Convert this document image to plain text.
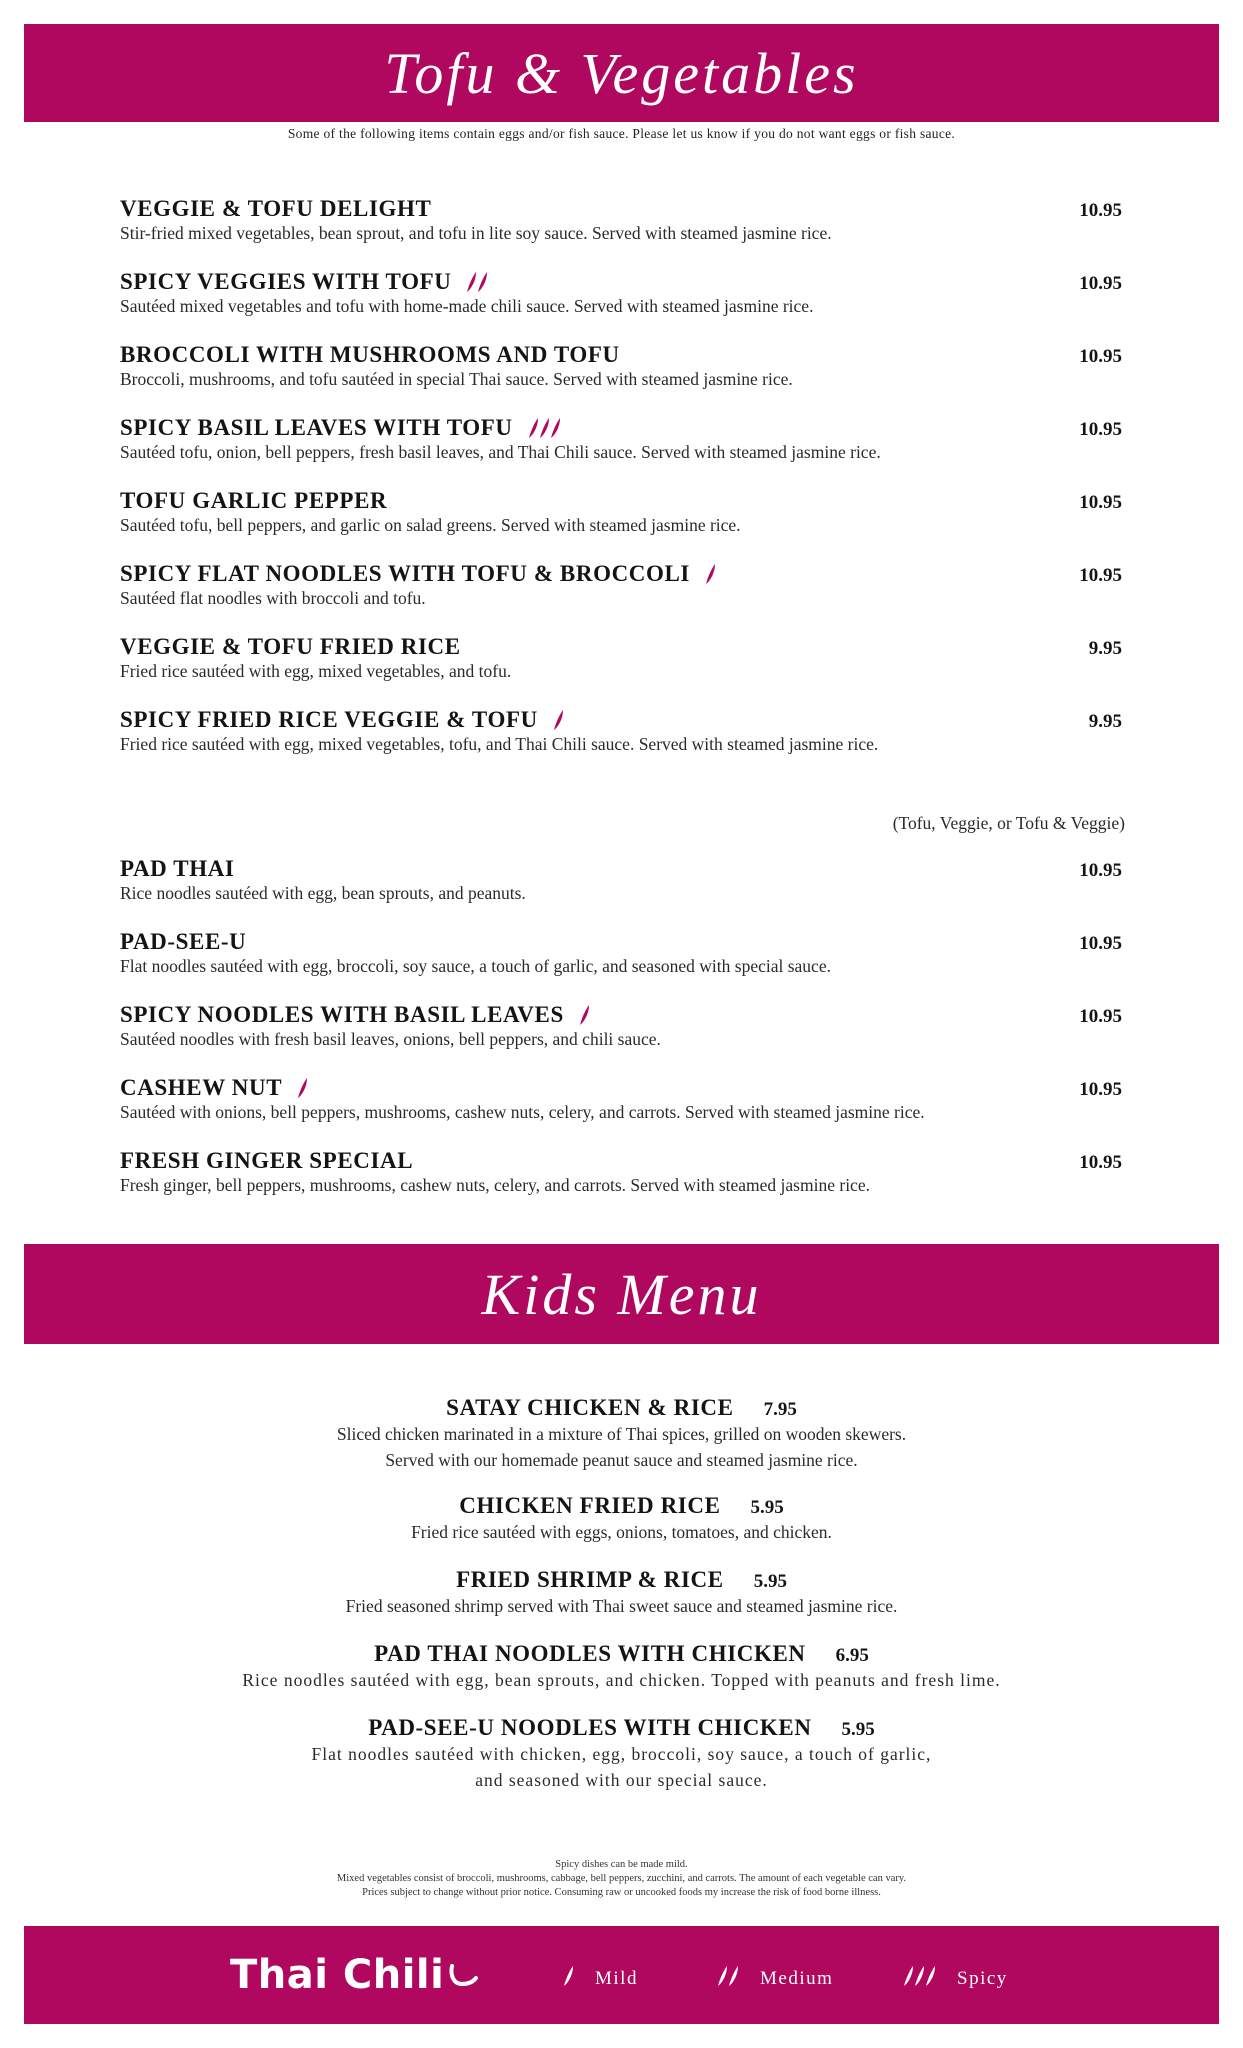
Tofu & Vegetables
Some of the following items contain eggs and/or fish sauce. Please let us know if you do not want eggs or fish sauce.
VEGGIE & TOFU DELIGHT	10.95
Stir-fried mixed vegetables, bean sprout, and tofu in lite soy sauce. Served with steamed jasmine rice.
SPICY VEGGIES WITH TOFU	10.95
Sautéed mixed vegetables and tofu with home-made chili sauce. Served with steamed jasmine rice.
BROCCOLI WITH MUSHROOMS AND TOFU	10.95
Broccoli, mushrooms, and tofu sautéed in special Thai sauce. Served with steamed jasmine rice.
SPICY BASIL LEAVES WITH TOFU	10.95
Sautéed tofu, onion, bell peppers, fresh basil leaves, and Thai Chili sauce. Served with steamed jasmine rice.
TOFU GARLIC PEPPER	10.95
Sautéed tofu, bell peppers, and garlic on salad greens. Served with steamed jasmine rice.
SPICY FLAT NOODLES WITH TOFU & BROCCOLI	10.95
Sautéed flat noodles with broccoli and tofu.
VEGGIE & TOFU FRIED RICE	9.95
Fried rice sautéed with egg, mixed vegetables, and tofu.
SPICY FRIED RICE VEGGIE & TOFU	9.95
Fried rice sautéed with egg, mixed vegetables, tofu, and Thai Chili sauce. Served with steamed jasmine rice.
(Tofu, Veggie, or Tofu & Veggie)
PAD THAI	10.95
Rice noodles sautéed with egg, bean sprouts, and peanuts.
PAD-SEE-U	10.95
Flat noodles sautéed with egg, broccoli, soy sauce, a touch of garlic, and seasoned with special sauce.
SPICY NOODLES WITH BASIL LEAVES	10.95
Sautéed noodles with fresh basil leaves, onions, bell peppers, and chili sauce.
CASHEW NUT	10.95
Sautéed with onions, bell peppers, mushrooms, cashew nuts, celery, and carrots. Served with steamed jasmine rice.
FRESH GINGER SPECIAL	10.95
Fresh ginger, bell peppers, mushrooms, cashew nuts, celery, and carrots. Served with steamed jasmine rice.
Kids Menu
SATAY CHICKEN & RICE 7.95
Sliced chicken marinated in a mixture of Thai spices, grilled on wooden skewers.
Served with our homemade peanut sauce and steamed jasmine rice.
CHICKEN FRIED RICE 5.95
Fried rice sautéed with eggs, onions, tomatoes, and chicken.
FRIED SHRIMP & RICE 5.95
Fried seasoned shrimp served with Thai sweet sauce and steamed jasmine rice.
PAD THAI NOODLES WITH CHICKEN 6.95
Rice noodles sautéed with egg, bean sprouts, and chicken. Topped with peanuts and fresh lime.
PAD-SEE-U NOODLES WITH CHICKEN 5.95
Flat noodles sautéed with chicken, egg, broccoli, soy sauce, a touch of garlic,
and seasoned with our special sauce.
Spicy dishes can be made mild.
Mixed vegetables consist of broccoli, mushrooms, cabbage, bell peppers, zucchini, and carrots. The amount of each vegetable can vary.
Prices subject to change without prior notice. Consuming raw or uncooked foods my increase the risk of food borne illness.
Thai Chili	Mild	Medium	Spicy
